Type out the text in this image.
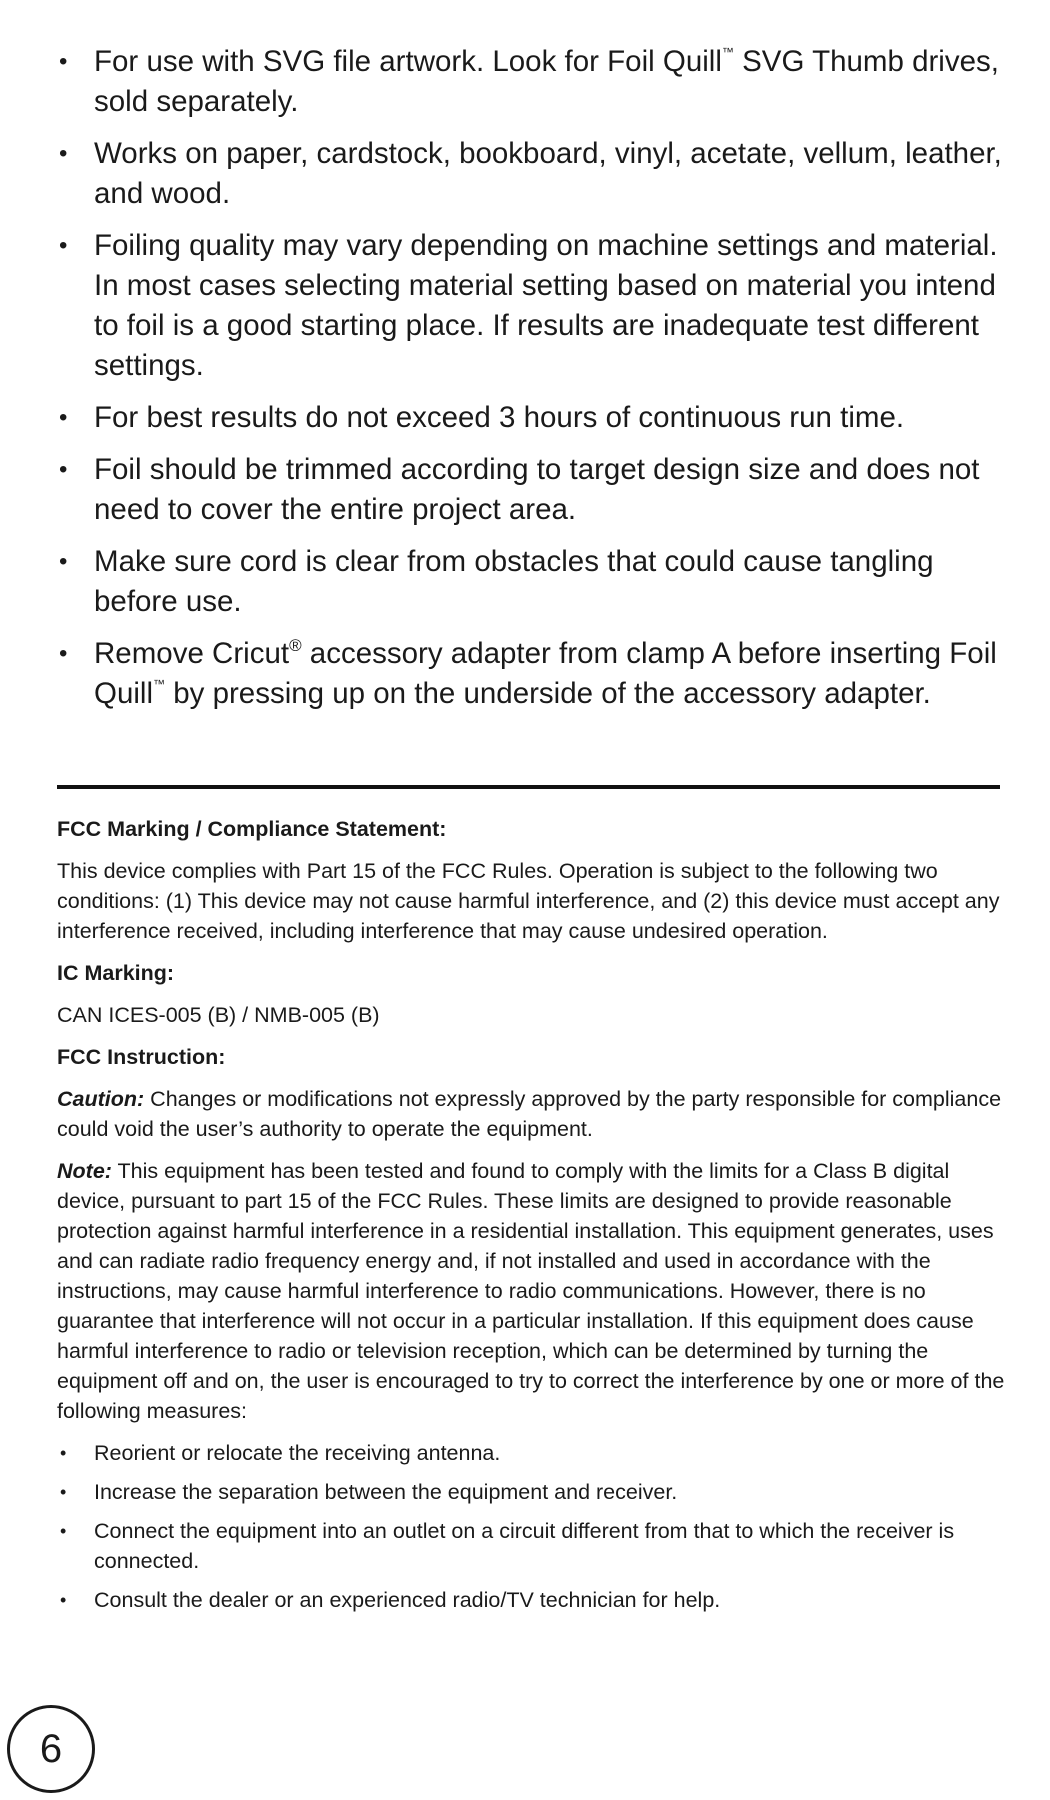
• For use with SVG file artwork. Look for Foil Quill™ SVG Thumb drives, sold separately.
• Works on paper, cardstock, bookboard, vinyl, acetate, vellum, leather, and wood.
• Foiling quality may vary depending on machine settings and material. In most cases selecting material setting based on material you intend to foil is a good starting place. If results are inadequate test different settings.
• For best results do not exceed 3 hours of continuous run time.
• Foil should be trimmed according to target design size and does not need to cover the entire project area.
• Make sure cord is clear from obstacles that could cause tangling before use.
• Remove Cricut® accessory adapter from clamp A before inserting Foil Quill™ by pressing up on the underside of the accessory adapter.
FCC Marking / Compliance Statement:

This device complies with Part 15 of the FCC Rules. Operation is subject to the following two conditions: (1) This device may not cause harmful interference, and (2) this device must accept any interference received, including interference that may cause undesired operation.

IC Marking:

CAN ICES-005 (B) / NMB-005 (B)

FCC Instruction:

Caution: Changes or modifications not expressly approved by the party responsible for compliance could void the user’s authority to operate the equipment.

Note: This equipment has been tested and found to comply with the limits for a Class B digital device, pursuant to part 15 of the FCC Rules. These limits are designed to provide reasonable protection against harmful interference in a residential installation. This equipment generates, uses and can radiate radio frequency energy and, if not installed and used in accordance with the instructions, may cause harmful interference to radio communications. However, there is no guarantee that interference will not occur in a particular installation. If this equipment does cause harmful interference to radio or television reception, which can be determined by turning the equipment off and on, the user is encouraged to try to correct the interference by one or more of the following measures:

• Reorient or relocate the receiving antenna.
• Increase the separation between the equipment and receiver.
• Connect the equipment into an outlet on a circuit different from that to which the receiver is connected.
• Consult the dealer or an experienced radio/TV technician for help.
6
